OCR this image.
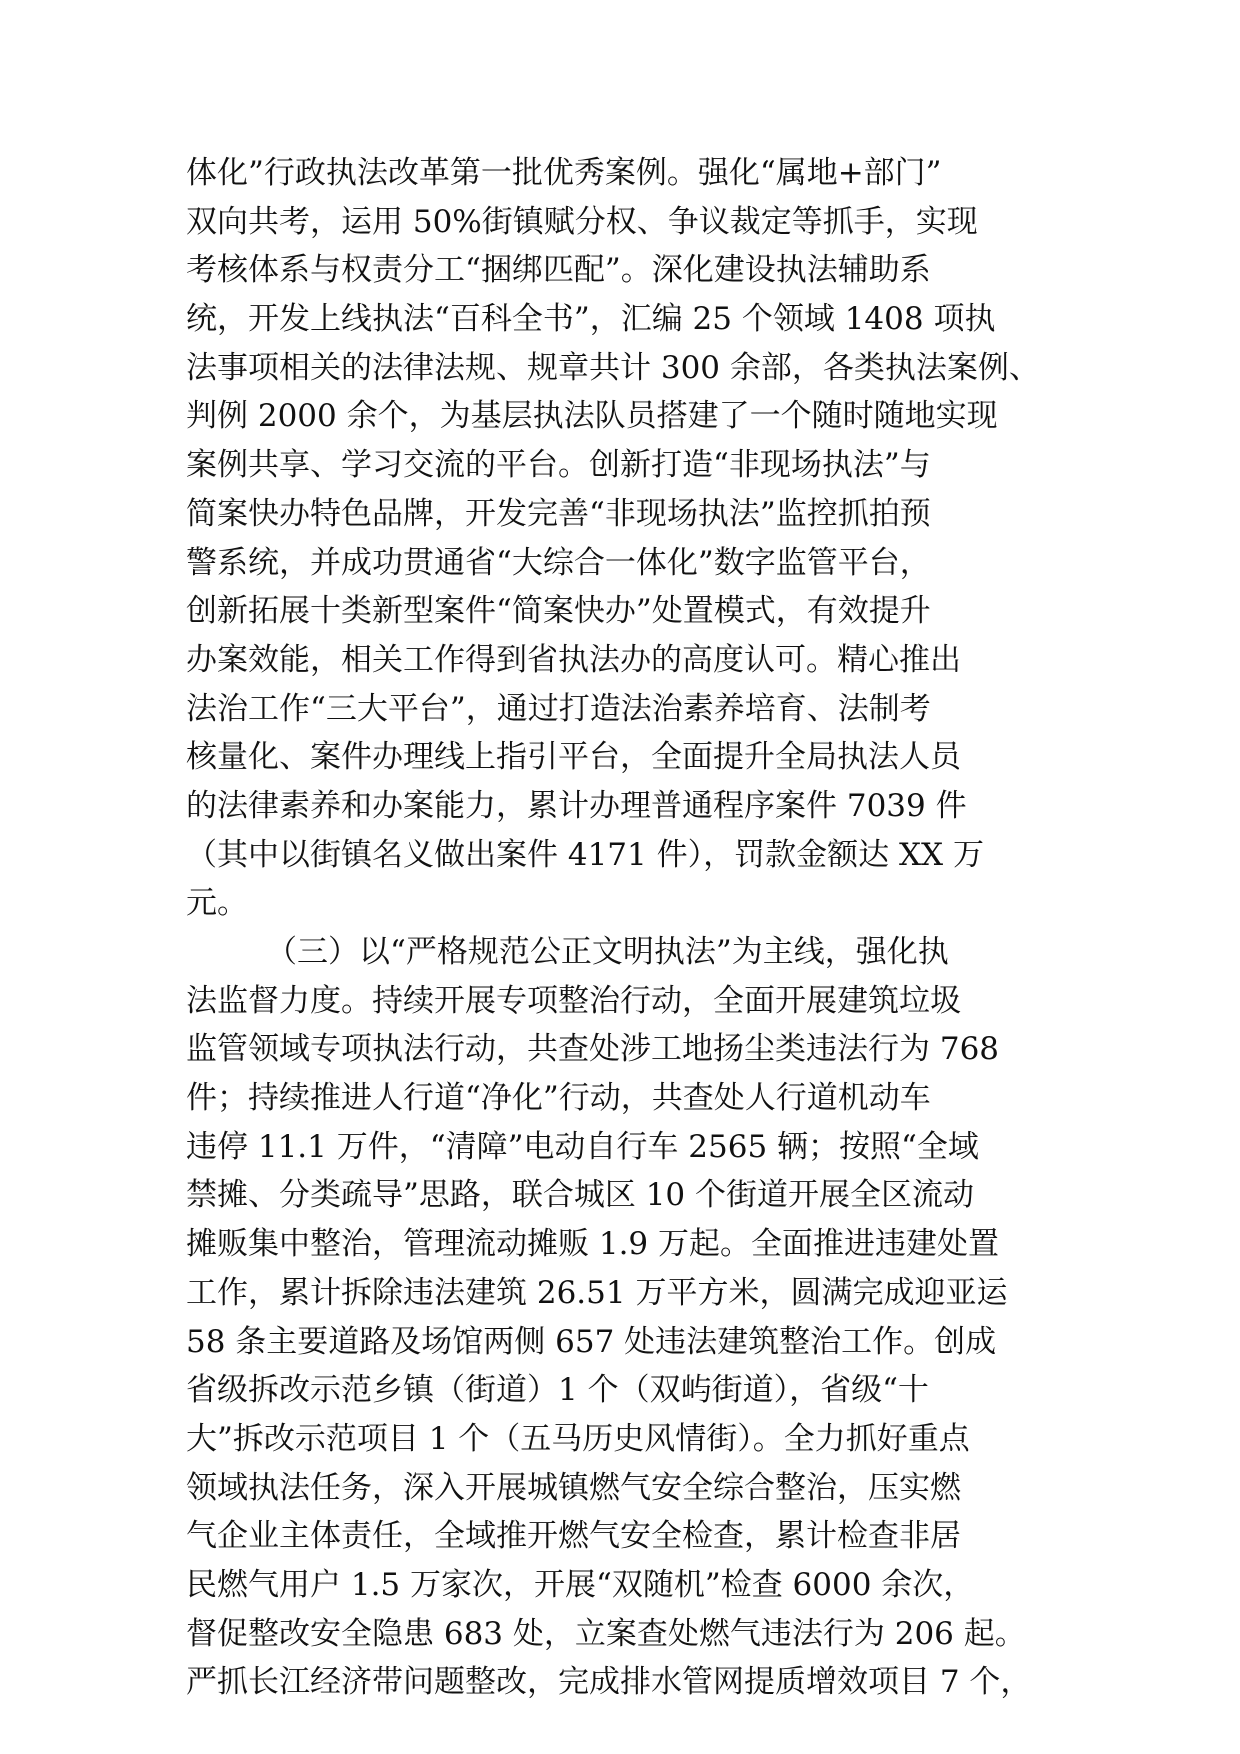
体化”行政执法改革第一批优秀案例。强化“属地+部门”
双向共考，运用 50%街镇赋分权、争议裁定等抓手，实现
考核体系与权责分工“捆绑匹配”。深化建设执法辅助系
统，开发上线执法“百科全书”，汇编 25 个领域 1408 项执
法事项相关的法律法规、规章共计 300 余部，各类执法案例、
判例 2000 余个，为基层执法队员搭建了一个随时随地实现
案例共享、学习交流的平台。创新打造“非现场执法”与
简案快办特色品牌，开发完善“非现场执法”监控抓拍预
警系统，并成功贯通省“大综合一体化”数字监管平台，
创新拓展十类新型案件“简案快办”处置模式，有效提升
办案效能，相关工作得到省执法办的高度认可。精心推出
法治工作“三大平台”，通过打造法治素养培育、法制考
核量化、案件办理线上指引平台，全面提升全局执法人员
的法律素养和办案能力，累计办理普通程序案件 7039 件
（其中以街镇名义做出案件 4171 件），罚款金额达 XX 万
元。
（三）以“严格规范公正文明执法”为主线，强化执
法监督力度。持续开展专项整治行动，全面开展建筑垃圾
监管领域专项执法行动，共查处涉工地扬尘类违法行为 768
件；持续推进人行道“净化”行动，共查处人行道机动车
违停 11.1 万件，“清障”电动自行车 2565 辆；按照“全域
禁摊、分类疏导”思路，联合城区 10 个街道开展全区流动
摊贩集中整治，管理流动摊贩 1.9 万起。全面推进违建处置
工作，累计拆除违法建筑 26.51 万平方米，圆满完成迎亚运
58 条主要道路及场馆两侧 657 处违法建筑整治工作。创成
省级拆改示范乡镇（街道）1 个（双屿街道），省级“十
大”拆改示范项目 1 个（五马历史风情街）。全力抓好重点
领域执法任务，深入开展城镇燃气安全综合整治，压实燃
气企业主体责任，全域推开燃气安全检查，累计检查非居
民燃气用户 1.5 万家次，开展“双随机”检查 6000 余次，
督促整改安全隐患 683 处，立案查处燃气违法行为 206 起。
严抓长江经济带问题整改，完成排水管网提质增效项目 7 个，
